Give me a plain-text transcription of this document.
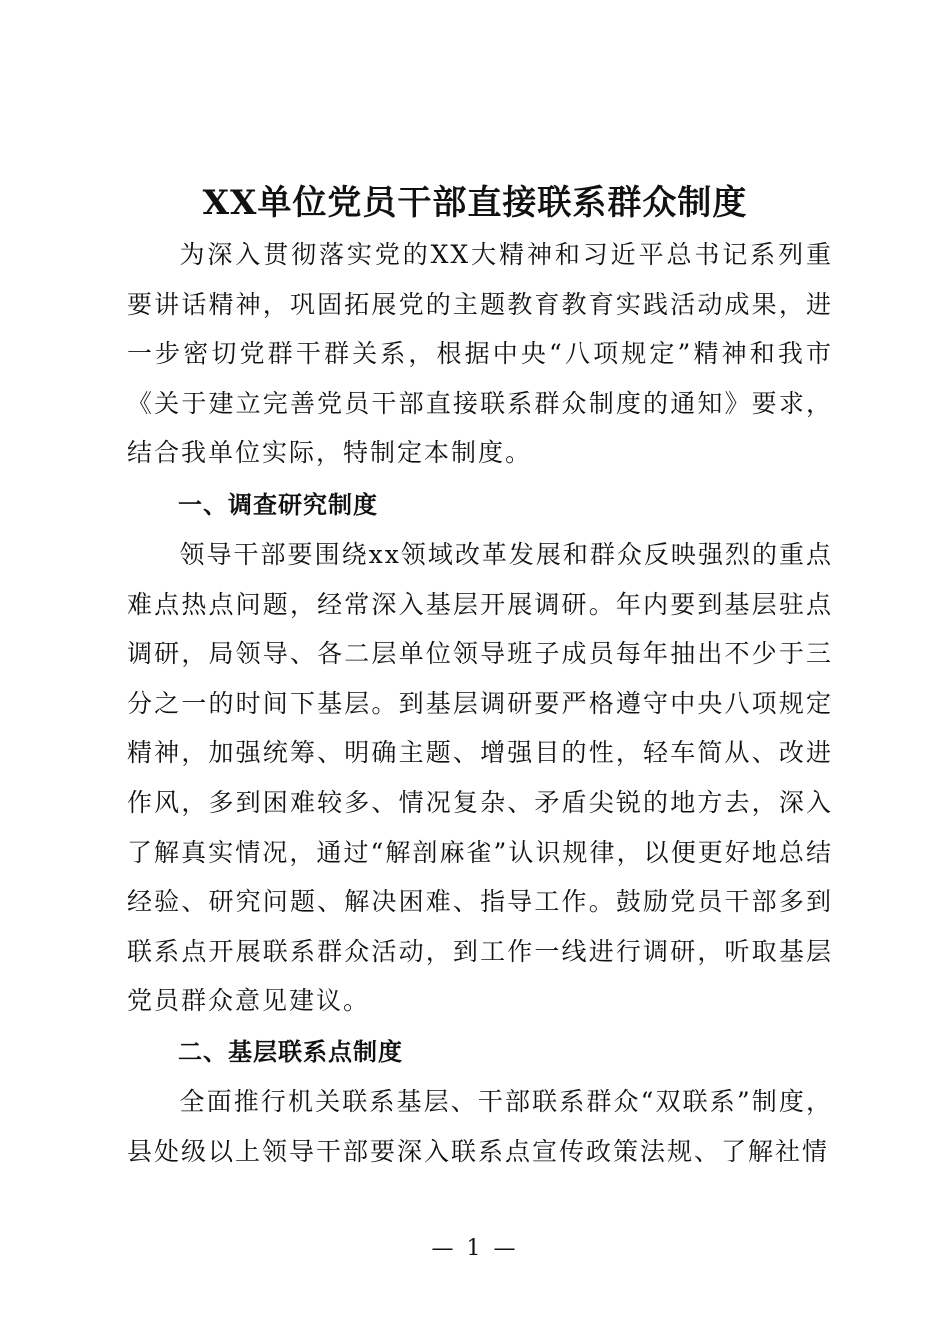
XX单位党员干部直接联系群众制度

为深入贯彻落实党的XX大精神和习近平总书记系列重要讲话精神，巩固拓展党的主题教育教育实践活动成果，进一步密切党群干群关系，根据中央“八项规定”精神和我市《关于建立完善党员干部直接联系群众制度的通知》要求，结合我单位实际，特制定本制度。

一、调查研究制度

领导干部要围绕xx领域改革发展和群众反映强烈的重点难点热点问题，经常深入基层开展调研。年内要到基层驻点调研，局领导、各二层单位领导班子成员每年抽出不少于三分之一的时间下基层。到基层调研要严格遵守中央八项规定精神，加强统筹、明确主题、增强目的性，轻车简从、改进作风，多到困难较多、情况复杂、矛盾尖锐的地方去，深入了解真实情况，通过“解剖麻雀”认识规律，以便更好地总结经验、研究问题、解决困难、指导工作。鼓励党员干部多到联系点开展联系群众活动，到工作一线进行调研，听取基层党员群众意见建议。

二、基层联系点制度

全面推行机关联系基层、干部联系群众“双联系”制度，县处级以上领导干部要深入联系点宣传政策法规、了解社情

— 1 —
